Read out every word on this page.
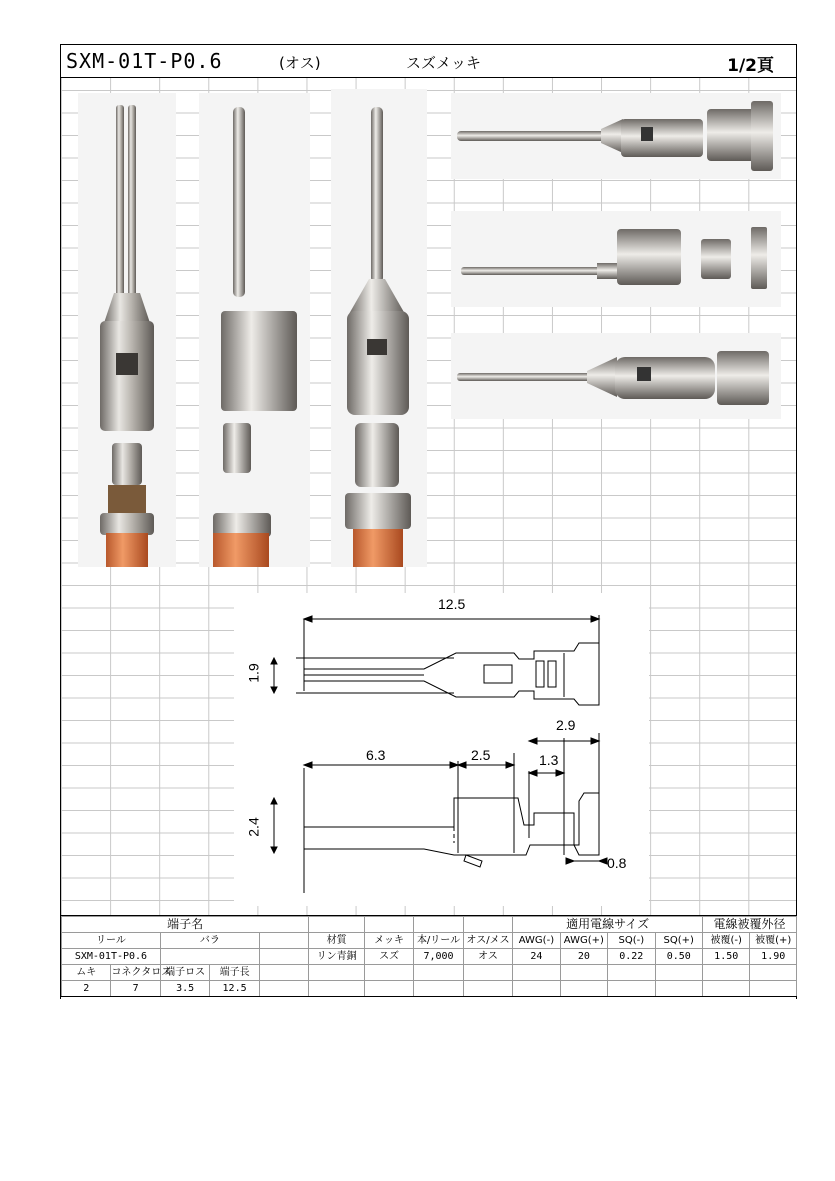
SXM-01T-P0.6	(オス)	スズメッキ	1/2頁
12.5
1.9
6.3	2.5	1.3
2.9
2.4
0.8
端子名									適用電線サイズ				電線被覆外径	
リール		バラ			材質	メッキ	本/リール	オス/メス	AWG(-)	AWG(+)	SQ(-)	SQ(+)	被覆(-)	被覆(+)
SXM-01T-P0.6					リン青銅	スズ	7,000	オス	24	20	0.22	0.50	1.50	1.90
ムキ	コネクタロス	端子ロス	端子長											
2	7	3.5	12.5											
